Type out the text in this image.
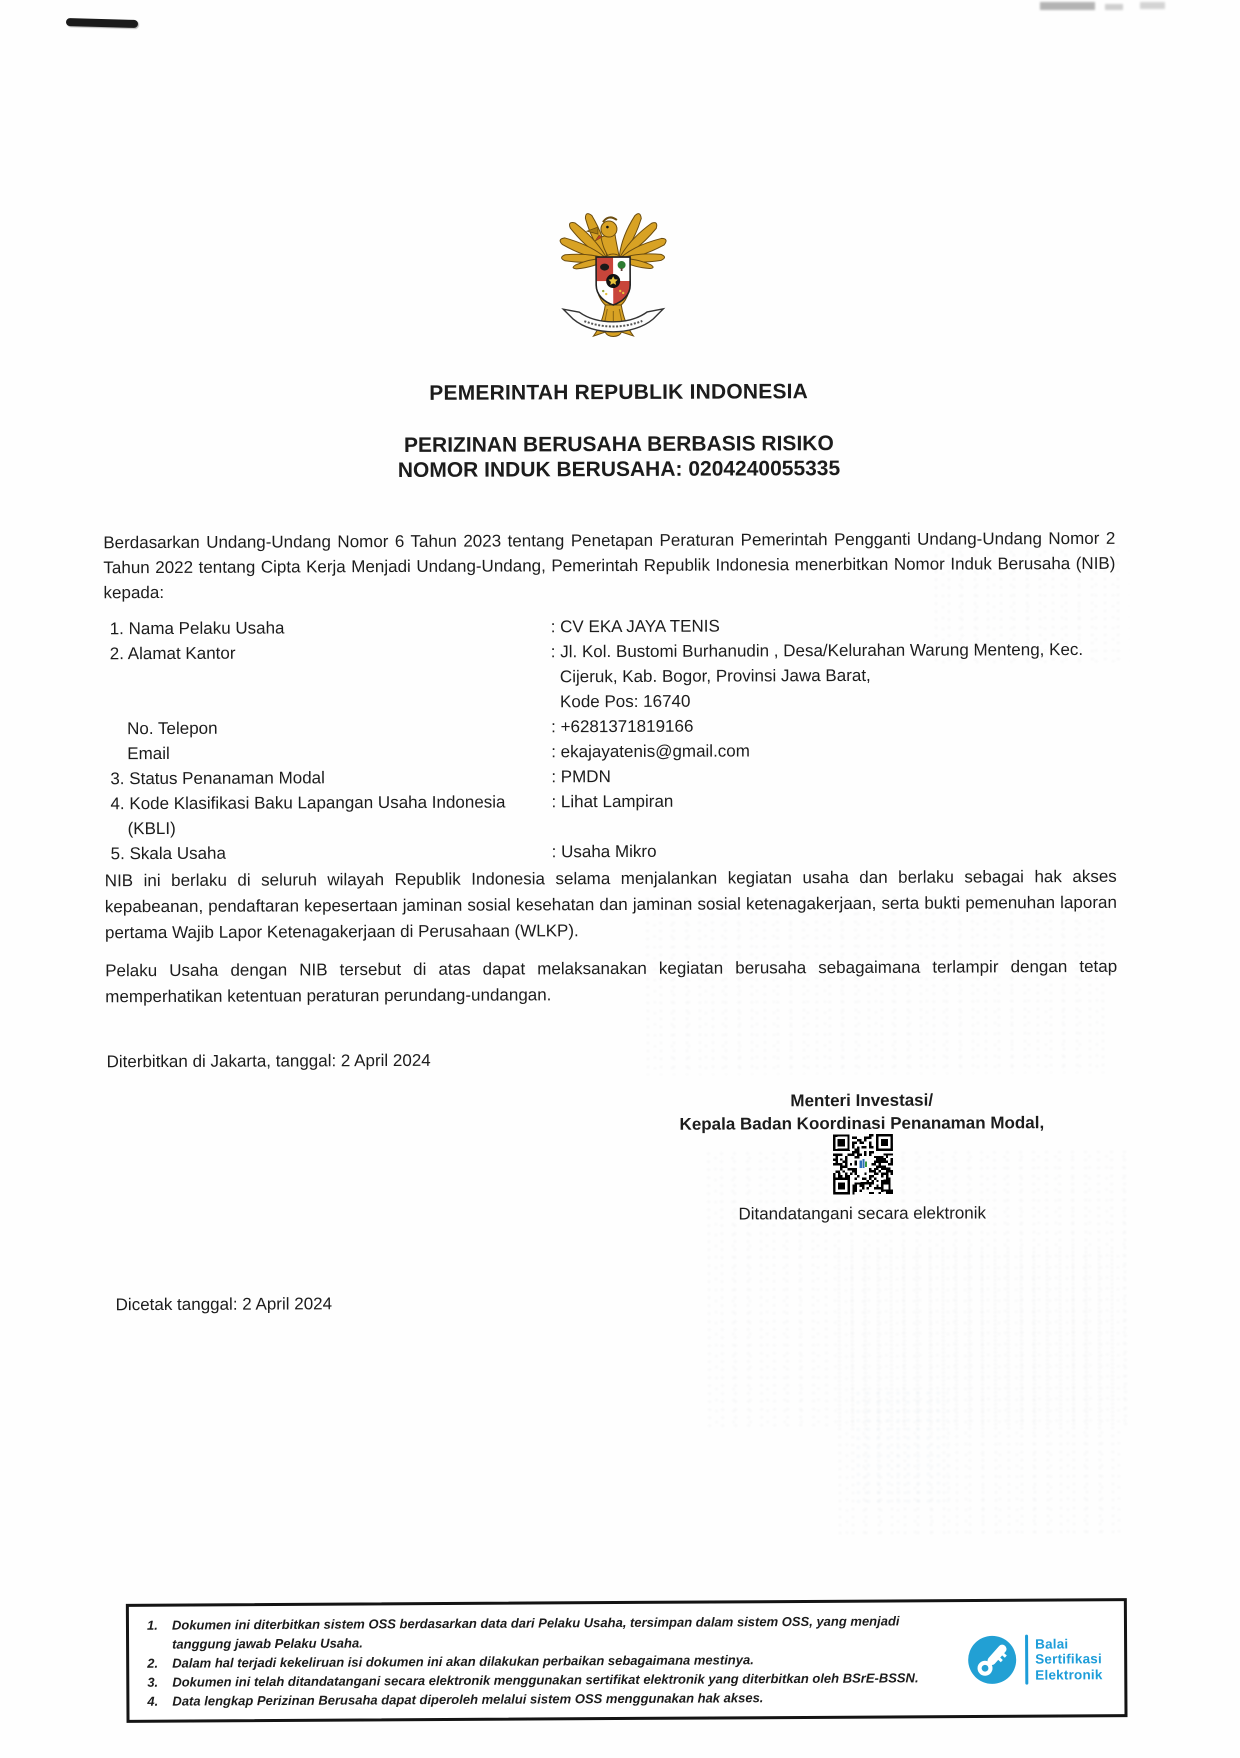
PEMERINTAH REPUBLIK INDONESIA
PERIZINAN BERUSAHA BERBASIS RISIKO
NOMOR INDUK BERUSAHA: 0204240055335
Berdasarkan Undang-Undang Nomor 6 Tahun 2023 tentang Penetapan Peraturan Pemerintah Pengganti Undang-Undang Nomor 2 Tahun 2022 tentang Cipta Kerja Menjadi Undang-Undang, Pemerintah Republik Indonesia menerbitkan Nomor Induk Berusaha (NIB) kepada:
1. Nama Pelaku Usaha	: CV EKA JAYA TENIS
2. Alamat Kantor	: Jl. Kol. Bustomi Burhanudin , Desa/Kelurahan Warung Menteng, Kec.
Cijeruk, Kab. Bogor, Provinsi Jawa Barat,
Kode Pos: 16740
No. Telepon	: +6281371819166
Email	: ekajayatenis@gmail.com
3. Status Penanaman Modal	: PMDN
4. Kode Klasifikasi Baku Lapangan Usaha Indonesia	: Lihat Lampiran
(KBLI)
5. Skala Usaha	: Usaha Mikro
NIB ini berlaku di seluruh wilayah Republik Indonesia selama menjalankan kegiatan usaha dan berlaku sebagai hak akses kepabeanan, pendaftaran kepesertaan jaminan sosial kesehatan dan jaminan sosial ketenagakerjaan, serta bukti pemenuhan laporan pertama Wajib Lapor Ketenagakerjaan di Perusahaan (WLKP).
Pelaku Usaha dengan NIB tersebut di atas dapat melaksanakan kegiatan berusaha sebagaimana terlampir dengan tetap memperhatikan ketentuan peraturan perundang-undangan.
Diterbitkan di Jakarta, tanggal: 2 April 2024
Menteri Investasi/
Kepala Badan Koordinasi Penanaman Modal,
Ditandatangani secara elektronik
Dicetak tanggal: 2 April 2024
1.	Dokumen ini diterbitkan sistem OSS berdasarkan data dari Pelaku Usaha, tersimpan dalam sistem OSS, yang menjadi tanggung jawab Pelaku Usaha.
2.	Dalam hal terjadi kekeliruan isi dokumen ini akan dilakukan perbaikan sebagaimana mestinya.
3.	Dokumen ini telah ditandatangani secara elektronik menggunakan sertifikat elektronik yang diterbitkan oleh BSrE-BSSN.
4.	Data lengkap Perizinan Berusaha dapat diperoleh melalui sistem OSS menggunakan hak akses.
Balai
Sertifikasi
Elektronik
